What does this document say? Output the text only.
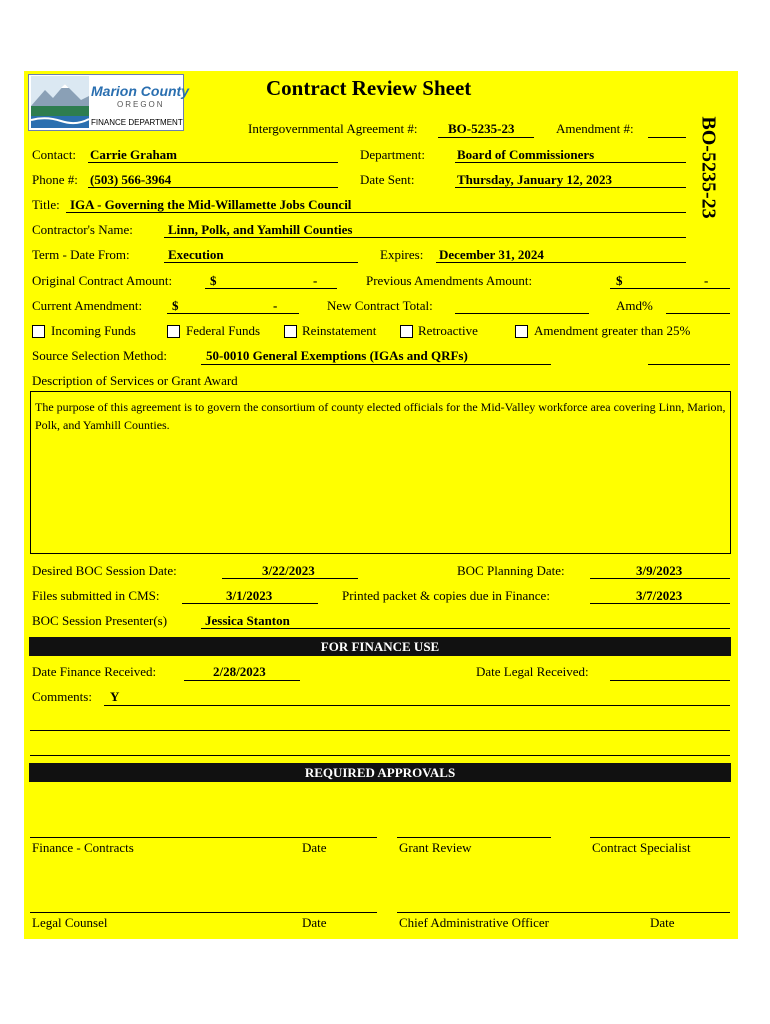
Marion County
OREGON
FINANCE DEPARTMENT
Contract Review Sheet
BO-5235-23
Intergovernmental Agreement #: BO-5235-23	Amendment #:
Contact: Carrie Graham	Department: Board of Commissioners
Phone #: (503) 566-3964	Date Sent:	Thursday, January 12, 2023
Title: IGA - Governing the Mid-Willamette Jobs Council
Contractor's Name:	Linn, Polk, and Yamhill Counties
Term - Date From:	Execution	Expires: December 31, 2024
Original Contract Amount:	$	-	Previous Amendments Amount:	$	-
Current Amendment: $	-	New Contract Total:	Amd%
Incoming Funds	Federal Funds	Reinstatement	Retroactive	Amendment greater than 25%
Source Selection Method:	50-0010 General Exemptions (IGAs and QRFs)
Description of Services or Grant Award
The purpose of this agreement is to govern the consortium of county elected officials for the Mid-Valley workforce area covering Linn, Marion, Polk, and Yamhill Counties.
Desired BOC Session Date:	3/22/2023	BOC Planning Date:	3/9/2023
Files submitted in CMS:	3/1/2023	Printed packet & copies due in Finance:	3/7/2023
BOC Session Presenter(s)	Jessica Stanton
FOR FINANCE USE
Date Finance Received:	2/28/2023	Date Legal Received:
Comments: Y
REQUIRED APPROVALS
Finance - Contracts	Date	Grant Review	Contract Specialist
Legal Counsel	Date	Chief Administrative Officer	Date
